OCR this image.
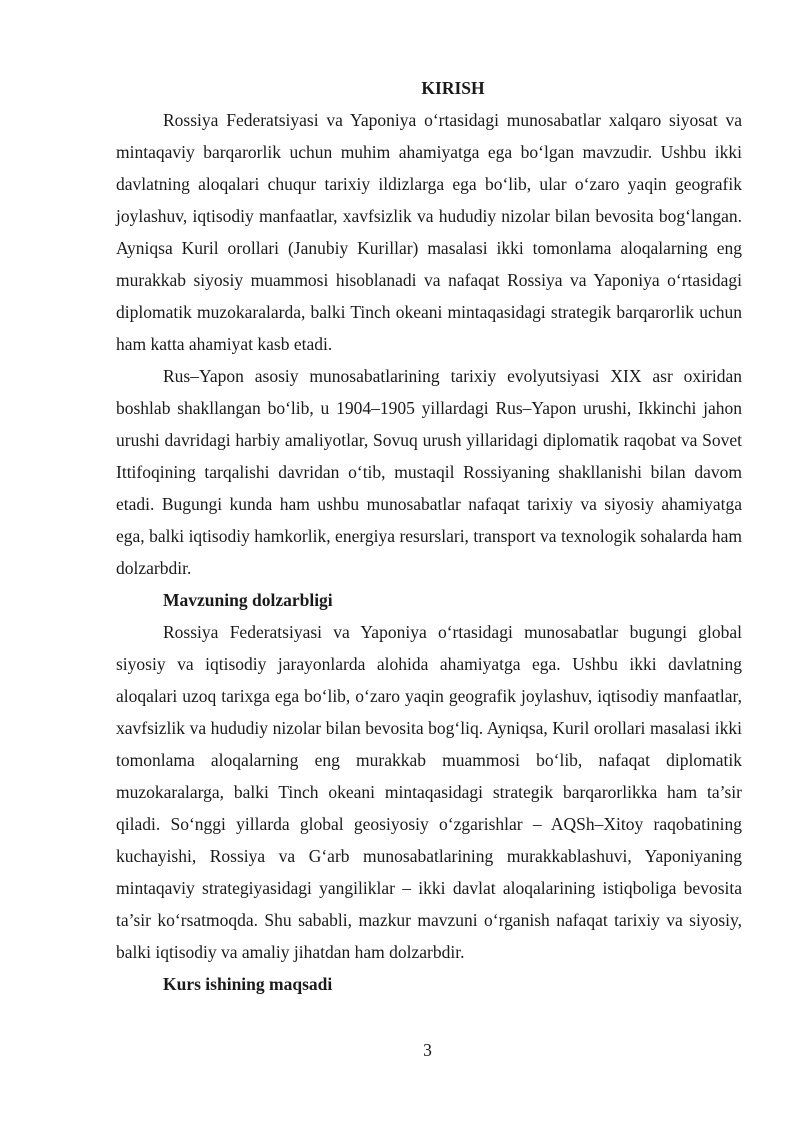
KIRISH

Rossiya Federatsiyasi va Yaponiya o‘rtasidagi munosabatlar xalqaro siyosat va mintaqaviy barqarorlik uchun muhim ahamiyatga ega bo‘lgan mavzudir. Ushbu ikki davlatning aloqalari chuqur tarixiy ildizlarga ega bo‘lib, ular o‘zaro yaqin geografik joylashuv, iqtisodiy manfaatlar, xavfsizlik va hududiy nizolar bilan bevosita bog‘langan. Ayniqsa Kuril orollari (Janubiy Kurillar) masalasi ikki tomonlama aloqalarning eng murakkab siyosiy muammosi hisoblanadi va nafaqat Rossiya va Yaponiya o‘rtasidagi diplomatik muzokaralarda, balki Tinch okeani mintaqasidagi strategik barqarorlik uchun ham katta ahamiyat kasb etadi.

Rus–Yapon asosiy munosabatlarining tarixiy evolyutsiyasi XIX asr oxiridan boshlab shakllangan bo‘lib, u 1904–1905 yillardagi Rus–Yapon urushi, Ikkinchi jahon urushi davridagi harbiy amaliyotlar, Sovuq urush yillaridagi diplomatik raqobat va Sovet Ittifoqining tarqalishi davridan o‘tib, mustaqil Rossiyaning shakllanishi bilan davom etadi. Bugungi kunda ham ushbu munosabatlar nafaqat tarixiy va siyosiy ahamiyatga ega, balki iqtisodiy hamkorlik, energiya resurslari, transport va texnologik sohalarda ham dolzarbdir.

Mavzuning dolzarbligi

Rossiya Federatsiyasi va Yaponiya o‘rtasidagi munosabatlar bugungi global siyosiy va iqtisodiy jarayonlarda alohida ahamiyatga ega. Ushbu ikki davlatning aloqalari uzoq tarixga ega bo‘lib, o‘zaro yaqin geografik joylashuv, iqtisodiy manfaatlar, xavfsizlik va hududiy nizolar bilan bevosita bog‘liq. Ayniqsa, Kuril orollari masalasi ikki tomonlama aloqalarning eng murakkab muammosi bo‘lib, nafaqat diplomatik muzokaralarga, balki Tinch okeani mintaqasidagi strategik barqarorlikka ham ta’sir qiladi. So‘nggi yillarda global geosiyosiy o‘zgarishlar – AQSh–Xitoy raqobatining kuchayishi, Rossiya va G‘arb munosabatlarining murakkablashuvi, Yaponiyaning mintaqaviy strategiyasidagi yangiliklar – ikki davlat aloqalarining istiqboliga bevosita ta’sir ko‘rsatmoqda. Shu sababli, mazkur mavzuni o‘rganish nafaqat tarixiy va siyosiy, balki iqtisodiy va amaliy jihatdan ham dolzarbdir.

Kurs ishining maqsadi

3
